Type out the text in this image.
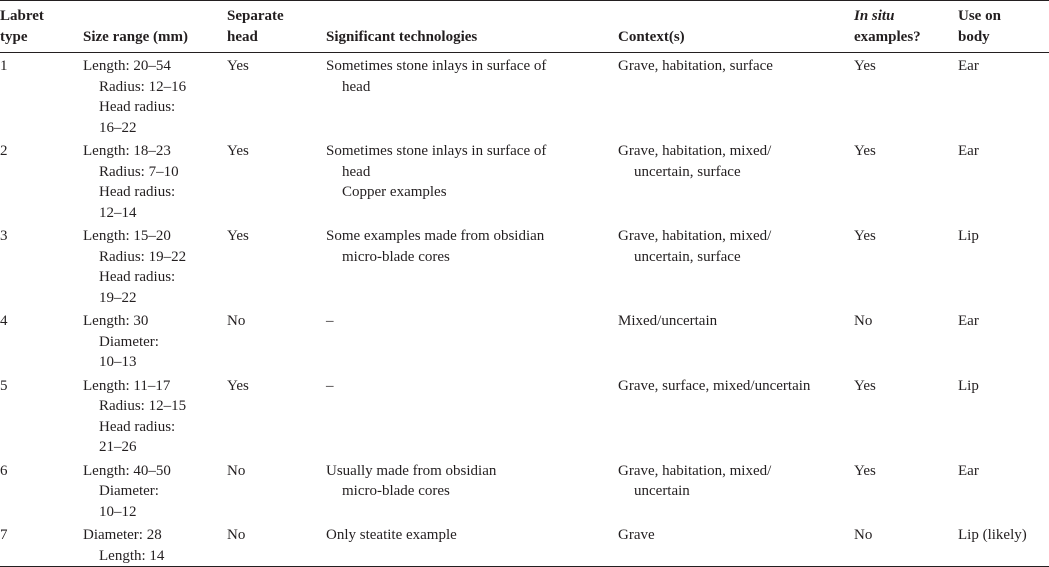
Labret
type	Size range (mm)	Separate
head	Significant technologies	Context(s)	In situ
examples?	Use on
body

1	Length: 20–54
Radius: 12–16
Head radius:
16–22	Yes	Sometimes stone inlays in surface of
head	Grave, habitation, surface	Yes	Ear

2	Length: 18–23
Radius: 7–10
Head radius:
12–14	Yes	Sometimes stone inlays in surface of
head
Copper examples	Grave, habitation, mixed/
uncertain, surface	Yes	Ear

3	Length: 15–20
Radius: 19–22
Head radius:
19–22	Yes	Some examples made from obsidian
micro-blade cores	Grave, habitation, mixed/
uncertain, surface	Yes	Lip

4	Length: 30
Diameter:
10–13	No	–	Mixed/uncertain	No	Ear

5	Length: 11–17
Radius: 12–15
Head radius:
21–26	Yes	–	Grave, surface, mixed/uncertain	Yes	Lip

6	Length: 40–50
Diameter:
10–12	No	Usually made from obsidian
micro-blade cores	Grave, habitation, mixed/
uncertain	Yes	Ear

7	Diameter: 28
Length: 14	No	Only steatite example	Grave	No	Lip (likely)
